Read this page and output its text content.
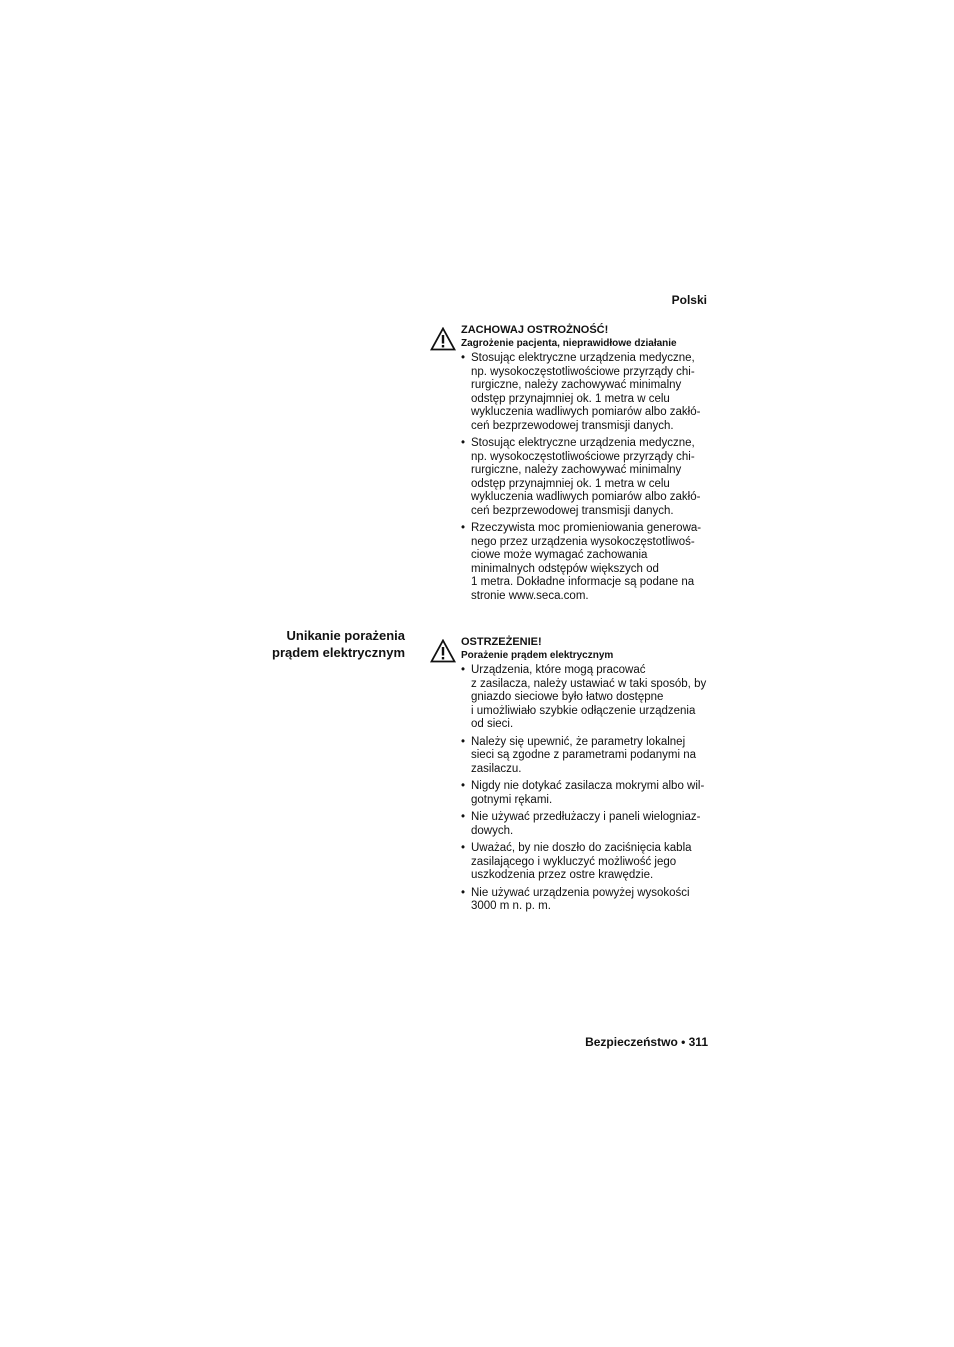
Polski
ZACHOWAJ OSTROŻNOŚĆ!
Zagrożenie pacjenta, nieprawidłowe działanie
• Stosując elektryczne urządzenia medyczne,
np. wysokoczęstotliwościowe przyrządy chi-
rurgiczne, należy zachowywać minimalny
odstęp przynajmniej ok. 1 metra w celu
wykluczenia wadliwych pomiarów albo zakłó-
ceń bezprzewodowej transmisji danych.
• Stosując elektryczne urządzenia medyczne,
np. wysokoczęstotliwościowe przyrządy chi-
rurgiczne, należy zachowywać minimalny
odstęp przynajmniej ok. 1 metra w celu
wykluczenia wadliwych pomiarów albo zakłó-
ceń bezprzewodowej transmisji danych.
• Rzeczywista moc promieniowania generowa-
nego przez urządzenia wysokoczęstotliwoś-
ciowe może wymagać zachowania
minimalnych odstępów większych od
1 metra. Dokładne informacje są podane na
stronie www.seca.com.
Unikanie porażenia
prądem elektrycznym
OSTRZEŻENIE!
Porażenie prądem elektrycznym
• Urządzenia, które mogą pracować
z zasilacza, należy ustawiać w taki sposób, by
gniazdo sieciowe było łatwo dostępne
i umożliwiało szybkie odłączenie urządzenia
od sieci.
• Należy się upewnić, że parametry lokalnej
sieci są zgodne z parametrami podanymi na
zasilaczu.
• Nigdy nie dotykać zasilacza mokrymi albo wil-
gotnymi rękami.
• Nie używać przedłużaczy i paneli wielogniaz-
dowych.
• Uważać, by nie doszło do zaciśnięcia kabla
zasilającego i wykluczyć możliwość jego
uszkodzenia przez ostre krawędzie.
• Nie używać urządzenia powyżej wysokości
3000 m n. p. m.
Bezpieczeństwo • 311
